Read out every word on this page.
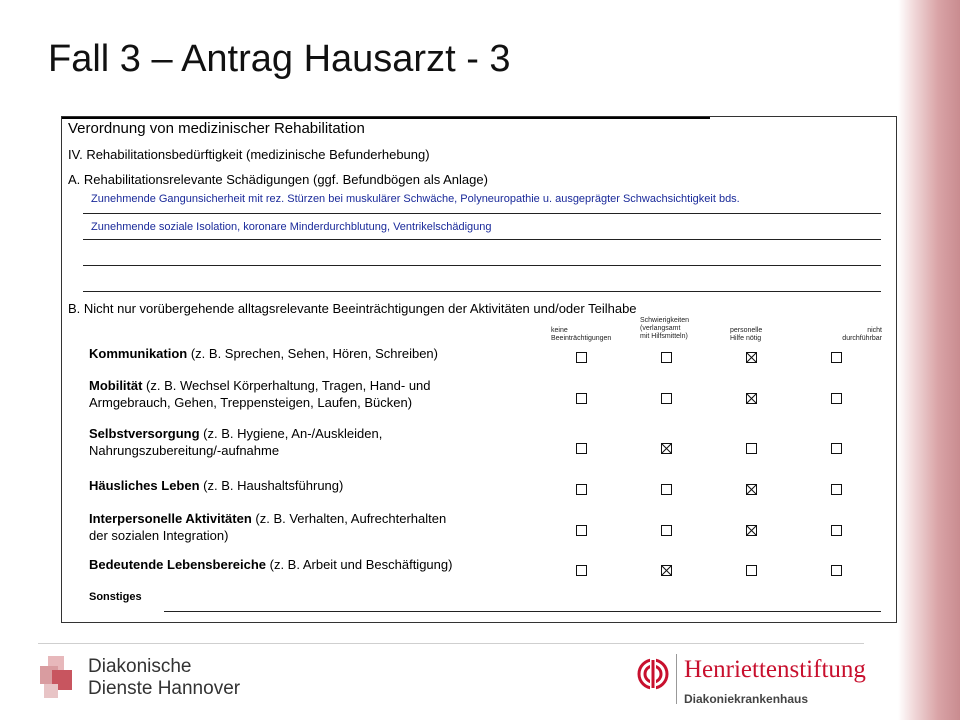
Fall 3 – Antrag Hausarzt - 3
Verordnung von medizinischer Rehabilitation
IV. Rehabilitationsbedürftigkeit (medizinische Befunderhebung)
A. Rehabilitationsrelevante Schädigungen (ggf. Befundbögen als Anlage)
Zunehmende Gangunsicherheit mit rez. Stürzen bei muskulärer Schwäche, Polyneuropathie u. ausgeprägter Schwachsichtigkeit bds.
Zunehmende soziale Isolation, koronare Minderdurchblutung, Ventrikelschädigung
B. Nicht nur vorübergehende alltagsrelevante Beeinträchtigungen der Aktivitäten und/oder Teilhabe
keine
Beeinträchtigungen
Schwierigkeiten
(verlangsamt
mit Hilfsmitteln)
personelle
Hilfe nötig
nicht
durchführbar
Kommunikation (z. B. Sprechen, Sehen, Hören, Schreiben)
Mobilität (z. B. Wechsel Körperhaltung, Tragen, Hand- und
Armgebrauch, Gehen, Treppensteigen, Laufen, Bücken)
Selbstversorgung (z. B. Hygiene, An-/Auskleiden,
Nahrungszubereitung/-aufnahme
Häusliches Leben (z. B. Haushaltsführung)
Interpersonelle Aktivitäten (z. B. Verhalten, Aufrechterhalten
der sozialen Integration)
Bedeutende Lebensbereiche (z. B. Arbeit und Beschäftigung)
Sonstiges
Diakonische
Dienste Hannover
Henriettenstiftung
Diakoniekrankenhaus
